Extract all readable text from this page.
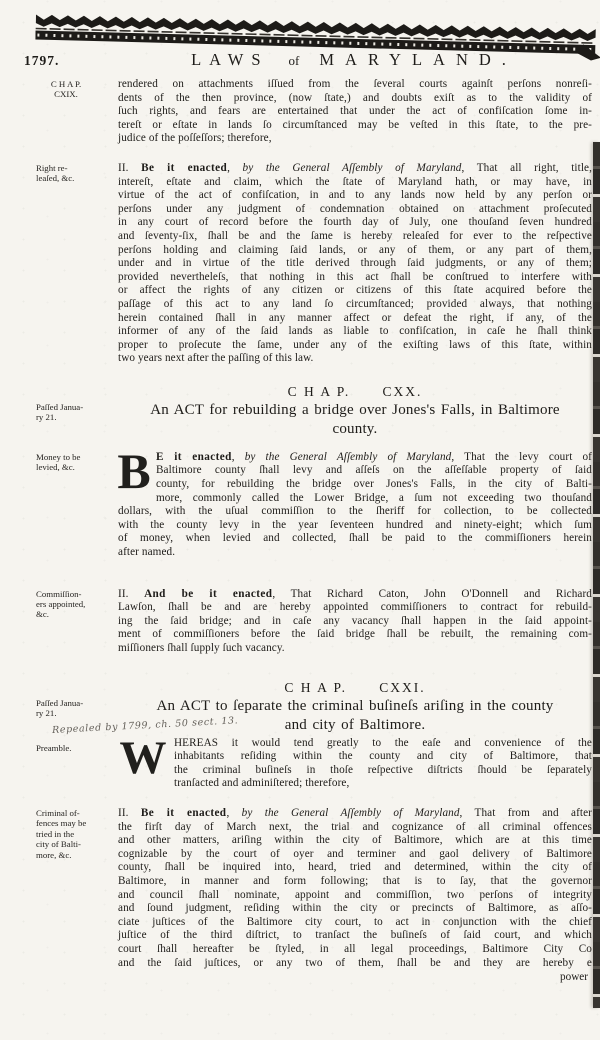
1797.	LAWS of MARYLAND.
C H A P.
CXIX.
rendered on attachments iſſued from the ſeveral courts againſt perſons nonreſi-
dents of the then province, (now ſtate,) and doubts exiſt as to the validity of
ſuch rights, and fears are entertained that under the act of confiſcation ſome in-
tereſt or eſtate in lands ſo circumſtanced may be veſted in this ſtate, to the pre-
judice of the poſſeſſors; therefore,
Right re-
leaſed, &c.
II. Be it enacted, by the General Aſſembly of Maryland, That all right, title,
intereſt, eſtate and claim, which the ſtate of Maryland hath, or may have, in
virtue of the act of confiſcation, in and to any lands now held by any perſon or
perſons under any judgment of condemnation obtained on attachment proſecuted
in any court of record before the fourth day of July, one thouſand ſeven hundred
and ſeventy-ſix, ſhall be and the ſame is hereby releaſed for ever to the reſpective
perſons holding and claiming ſaid lands, or any of them, or any part of them,
under and in virtue of the title derived through ſaid judgments, or any of them;
provided nevertheleſs, that nothing in this act ſhall be conſtrued to interfere with
or affect the rights of any citizen or citizens of this ſtate acquired before the
paſſage of this act to any land ſo circumſtanced; provided always, that nothing
herein contained ſhall in any manner affect or defeat the right, if any, of the
informer of any of the ſaid lands as liable to confiſcation, in caſe he ſhall think
proper to proſecute the ſame, under any of the exiſting laws of this ſtate, within
two years next after the paſſing of this law.
C H A P.      CXX.
Paſſed Janua-
ry 21.	An ACT for rebuilding a bridge over Jones's Falls, in Baltimore
county.
Money to be
levied, &c. B E it enacted, by the General Aſſembly of Maryland, That the levy court of
Baltimore county ſhall levy and aſſeſs on the aſſeſſable property of ſaid
county, for rebuilding the bridge over Jones's Falls, in the city of Balti-
more, commonly called the Lower Bridge, a ſum not exceeding two thouſand
dollars, with the uſual commiſſion to the ſheriff for collection, to be collected
with the county levy in the year ſeventeen hundred and ninety-eight; which ſum
of money, when levied and collected, ſhall be paid to the commiſſioners herein
after named.
Commiſſion-
ers appointed,
&c.
II. And be it enacted, That Richard Caton, John O'Donnell and Richard
Lawſon, ſhall be and are hereby appointed commiſſioners to contract for rebuild-
ing the ſaid bridge; and in caſe any vacancy ſhall happen in the ſaid appoint-
ment of commiſſioners before the ſaid bridge ſhall be rebuilt, the remaining com-
miſſioners ſhall ſupply ſuch vacancy.
C H A P.      CXXI.
Paſſed Janua-
ry 21.	An ACT to ſeparate the criminal buſineſs ariſing in the county
and city of Baltimore.
Repealed by 1799, ch. 50 sect. 13.
Preamble.	W HEREAS it would tend greatly to the eaſe and convenience of the
inhabitants reſiding within the county and city of Baltimore, that
the criminal buſineſs in thoſe reſpective diſtricts ſhould be ſeparately
tranſacted and adminiſtered; therefore,
Criminal of-
fences may be
tried in the
city of Balti-
more, &c.
II. Be it enacted, by the General Aſſembly of Maryland, That from and after
the firſt day of March next, the trial and cognizance of all criminal offences
and other matters, ariſing within the city of Baltimore, which are at this time
cognizable by the court of oyer and terminer and gaol delivery of Baltimore
county, ſhall be inquired into, heard, tried and determined, within the city of
Baltimore, in manner and form following; that is to ſay, that the governor
and council ſhall nominate, appoint and commiſſion, two perſons of integrity
and ſound judgment, reſiding within the city or precincts of Baltimore, as aſſo-
ciate juſtices of the Baltimore city court, to act in conjunction with the chief
juſtice of the third diſtrict, to tranſact the buſineſs of ſaid court, and which
court ſhall hereafter be ſtyled, in all legal proceedings, Baltimore City Co
and the ſaid juſtices, or any two of them, ſhall be and they are hereby e
power
